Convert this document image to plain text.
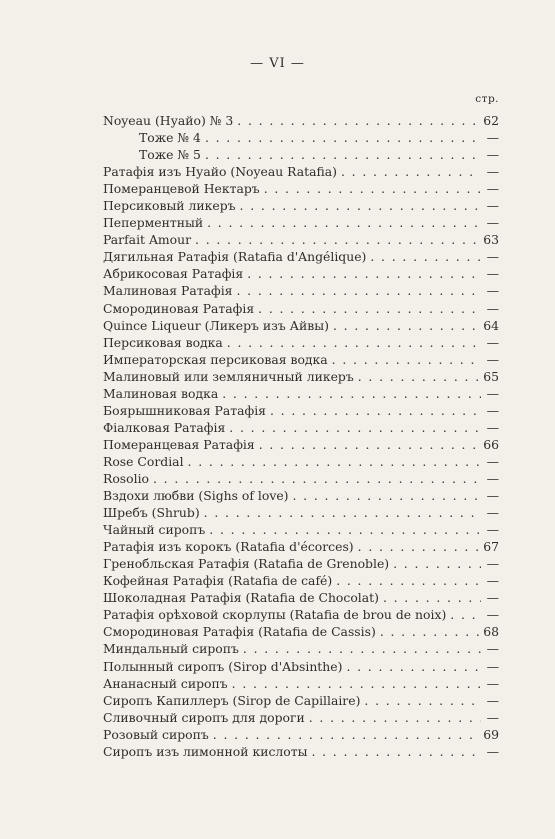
— VI —
стр.
Noyeau (Нуайо) № 3 . . .	62
Тоже № 4 . . .	—
Тоже № 5 . . .	—
Ратафія изъ Нуайо (Noyeau Ratafia) . . .	—
Померанцевой Нектаръ . . .	—
Персиковый ликеръ . . .	—
Пеперментный . . .	—
Parfait Amour . . .	63
Дягильная Ратафія (Ratafia d'Angélique) . . .	—
Абрикосовая Ратафія . . .	—
Малиновая Ратафія . . .	—
Смородиновая Ратафія . . .	—
Quince Liqueur (Ликеръ изъ Айвы) . . .	64
Персиковая водка . . .	—
Императорская персиковая водка . . .	—
Малиновый или земляничный ликеръ . . .	65
Малиновая водка . . .	—
Боярышниковая Ратафія . . .	—
Фіалковая Ратафія . . .	—
Померанцевая Ратафія . . .	66
Rose Cordial . . .	—
Rosolio . . .	—
Вздохи любви (Sighs of love) . . .	—
Шребъ (Shrub) . . .	—
Чайный сиропъ . . .	—
Ратафія изъ корокъ (Ratafia d'écorces) . . .	67
Гренобльская Ратафія (Ratafia de Grenoble) . . .	—
Кофейная Ратафія (Ratafia de café) . . .	—
Шоколадная Ратафія (Ratafia de Chocolat) . . .	—
Ратафія орѣховой скорлупы (Ratafia de brou de noix) . . .	—
Смородиновая Ратафія (Ratafia de Cassis) . . .	68
Миндальный сиропъ . . .	—
Полынный сиропъ (Sirop d'Absinthe) . . .	—
Ананасный сиропъ . . .	—
Сиропъ Капиллеръ (Sirop de Capillaire) . . .	—
Сливочный сиропъ для дороги . . .	—
Розовый сиропъ . . .	69
Сиропъ изъ лимонной кислоты . . .	—
